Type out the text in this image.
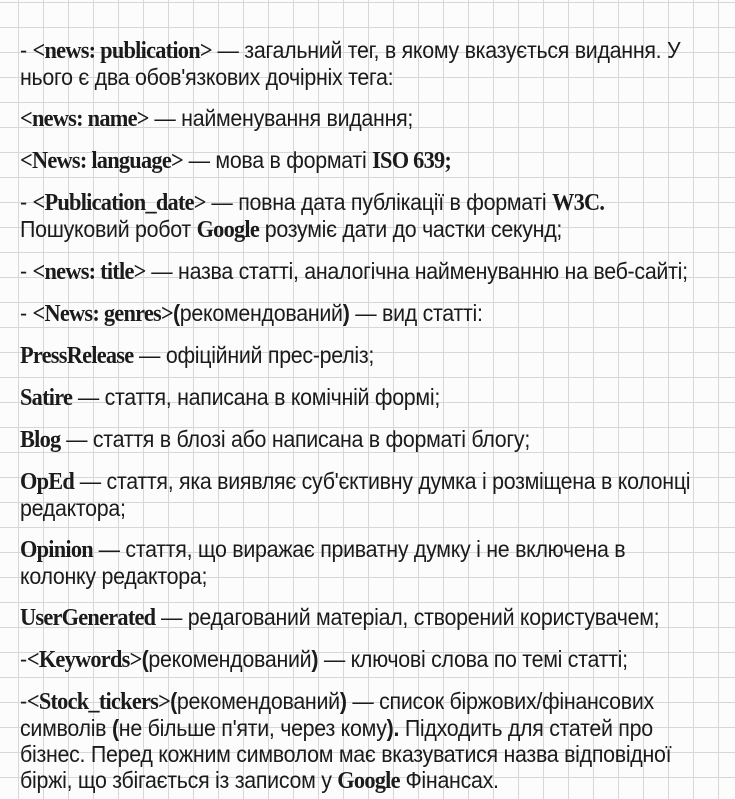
- <news: publication> — загальний тег, в якому вказується видання. У
нього є два обов'язкових дочірніх тега:

<news: name> — найменування видання;

<News: language> — мова в форматі ISO 639;

- <Publication_date> — повна дата публікації в форматі W3C.
Пошуковий робот Google розуміє дати до частки секунд;

- <news: title> — назва статті, аналогічна найменуванню на веб-сайті;

- <News: genres>(рекомендований) — вид статті:

PressRelease — офіційний прес-реліз;

Satire — стаття, написана в комічній формі;

Blog — стаття в блозі або написана в форматі блогу;

OpEd — стаття, яка виявляє суб'єктивну думка і розміщена в колонці
редактора;

Opinion — стаття, що виражає приватну думку і не включена в
колонку редактора;

UserGenerated — редагований матеріал, створений користувачем;

-<Keywords>(рекомендований) — ключові слова по темі статті;

-<Stock_tickers>(рекомендований) — список біржових/фінансових
символів (не більше п'яти, через кому). Підходить для статей про
бізнес. Перед кожним символом має вказуватися назва відповідної
біржі, що збігається із записом у Google Фінансах.
